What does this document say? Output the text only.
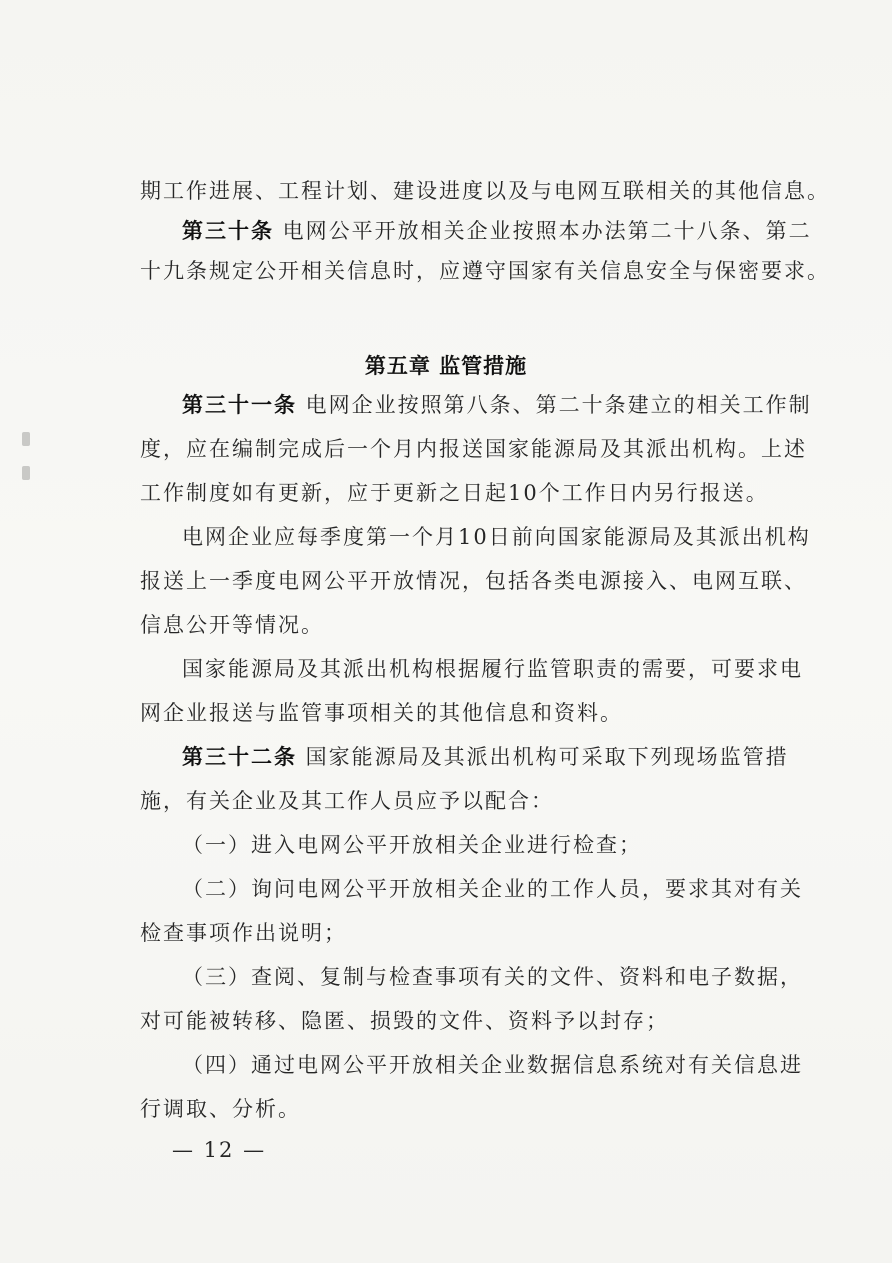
期工作进展、工程计划、建设进度以及与电网互联相关的其他信息。
第三十条 电网公平开放相关企业按照本办法第二十八条、第二
十九条规定公开相关信息时，应遵守国家有关信息安全与保密要求。
第五章 监管措施
第三十一条 电网企业按照第八条、第二十条建立的相关工作制
度，应在编制完成后一个月内报送国家能源局及其派出机构。上述
工作制度如有更新，应于更新之日起10个工作日内另行报送。
电网企业应每季度第一个月10日前向国家能源局及其派出机构
报送上一季度电网公平开放情况，包括各类电源接入、电网互联、
信息公开等情况。
国家能源局及其派出机构根据履行监管职责的需要，可要求电
网企业报送与监管事项相关的其他信息和资料。
第三十二条 国家能源局及其派出机构可采取下列现场监管措
施，有关企业及其工作人员应予以配合：
（一）进入电网公平开放相关企业进行检查；
（二）询问电网公平开放相关企业的工作人员，要求其对有关
检查事项作出说明；
（三）查阅、复制与检查事项有关的文件、资料和电子数据，
对可能被转移、隐匿、损毁的文件、资料予以封存；
（四）通过电网公平开放相关企业数据信息系统对有关信息进
行调取、分析。
— 12 —
